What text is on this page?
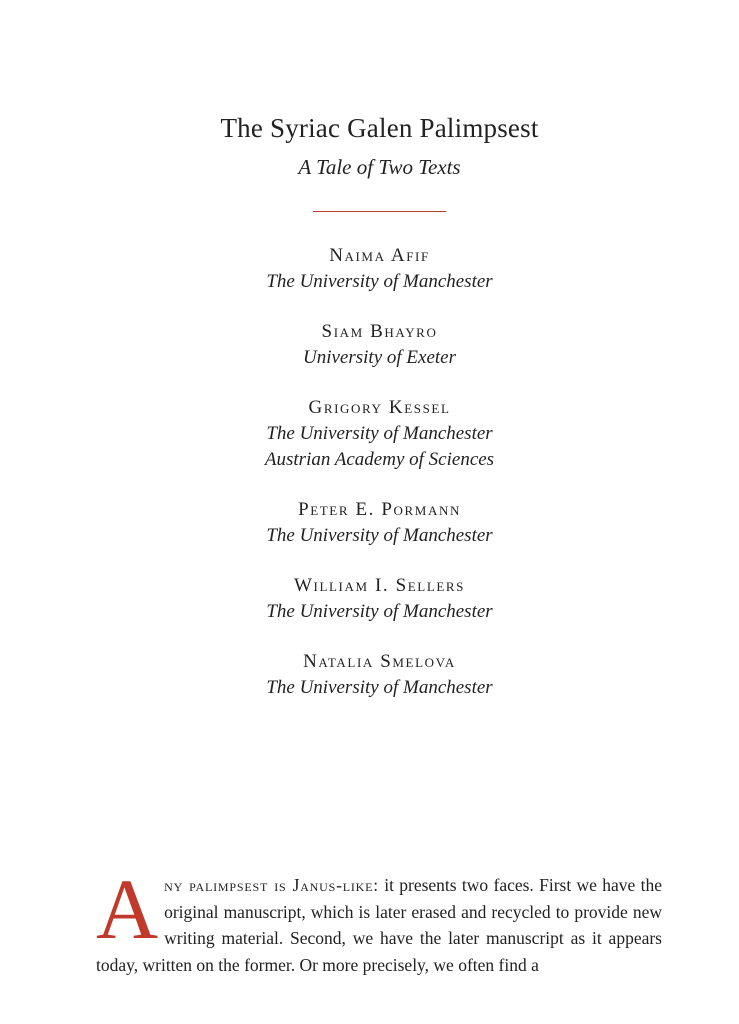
The Syriac Galen Palimpsest
A Tale of Two Texts
Naima Afif
The University of Manchester
Siam Bhayro
University of Exeter
Grigory Kessel
The University of Manchester
Austrian Academy of Sciences
Peter E. Pormann
The University of Manchester
William I. Sellers
The University of Manchester
Natalia Smelova
The University of Manchester
Any palimpsest is Janus-like: it presents two faces. First we have the original manuscript, which is later erased and recycled to provide new writing material. Second, we have the later manuscript as it appears today, written on the former. Or more precisely, we often find a
